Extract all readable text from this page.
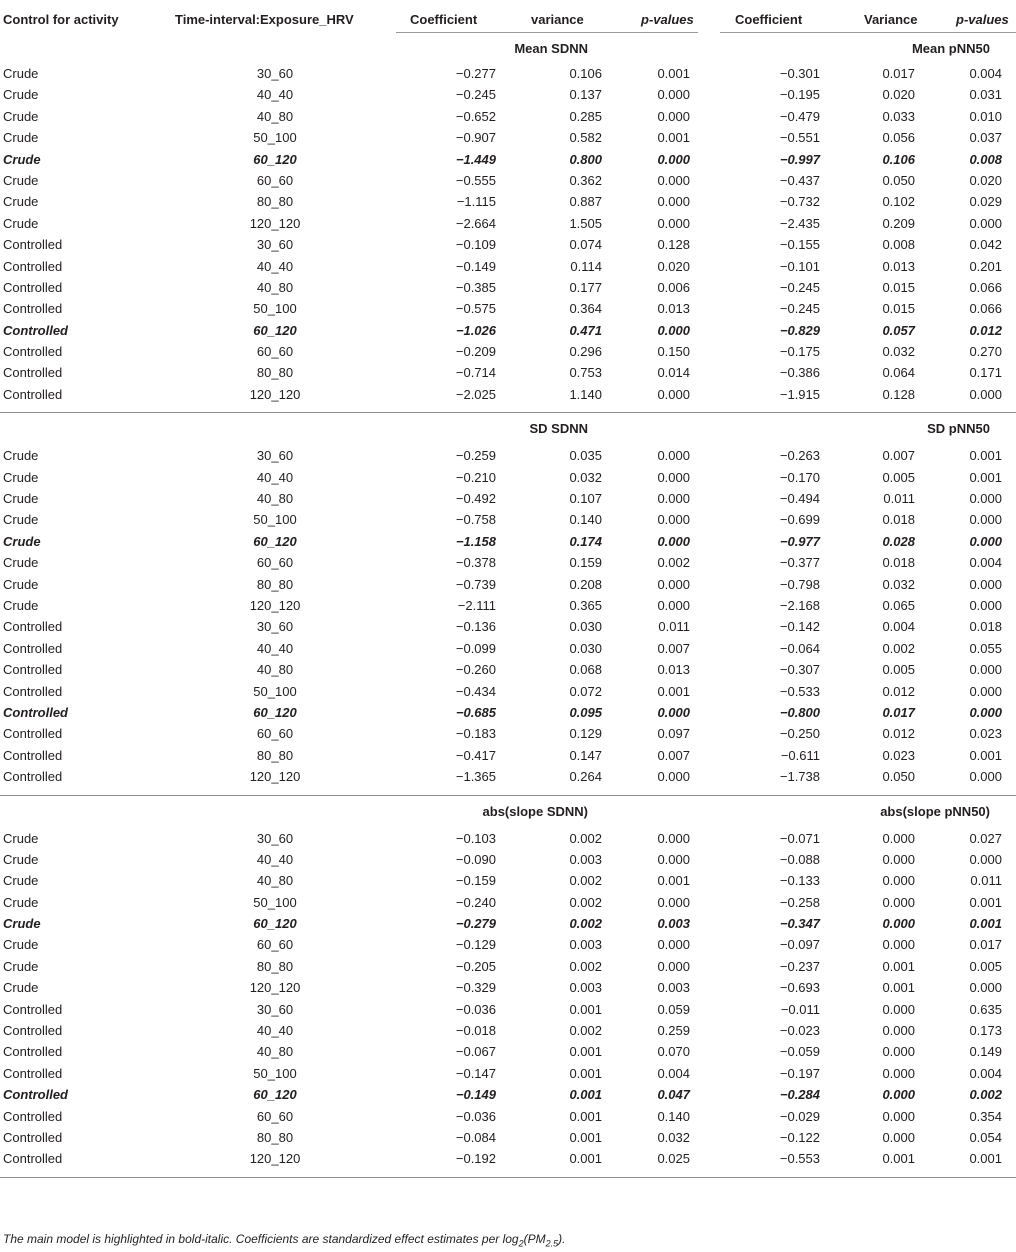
Control for activity	Time-interval:Exposure_HRV	Coefficient	variance	p-values	Coefficient	Variance	p-values
Mean SDNN	Mean pNN50
Crude	30_60	−0.277	0.106	0.001	−0.301	0.017	0.004
Crude	40_40	−0.245	0.137	0.000	−0.195	0.020	0.031
Crude	40_80	−0.652	0.285	0.000	−0.479	0.033	0.010
Crude	50_100	−0.907	0.582	0.001	−0.551	0.056	0.037
Crude	60_120	−1.449	0.800	0.000	−0.997	0.106	0.008
Crude	60_60	−0.555	0.362	0.000	−0.437	0.050	0.020
Crude	80_80	−1.115	0.887	0.000	−0.732	0.102	0.029
Crude	120_120	−2.664	1.505	0.000	−2.435	0.209	0.000
Controlled	30_60	−0.109	0.074	0.128	−0.155	0.008	0.042
Controlled	40_40	−0.149	0.114	0.020	−0.101	0.013	0.201
Controlled	40_80	−0.385	0.177	0.006	−0.245	0.015	0.066
Controlled	50_100	−0.575	0.364	0.013	−0.245	0.015	0.066
Controlled	60_120	−1.026	0.471	0.000	−0.829	0.057	0.012
Controlled	60_60	−0.209	0.296	0.150	−0.175	0.032	0.270
Controlled	80_80	−0.714	0.753	0.014	−0.386	0.064	0.171
Controlled	120_120	−2.025	1.140	0.000	−1.915	0.128	0.000
SD SDNN	SD pNN50
Crude	30_60	−0.259	0.035	0.000	−0.263	0.007	0.001
Crude	40_40	−0.210	0.032	0.000	−0.170	0.005	0.001
Crude	40_80	−0.492	0.107	0.000	−0.494	0.011	0.000
Crude	50_100	−0.758	0.140	0.000	−0.699	0.018	0.000
Crude	60_120	−1.158	0.174	0.000	−0.977	0.028	0.000
Crude	60_60	−0.378	0.159	0.002	−0.377	0.018	0.004
Crude	80_80	−0.739	0.208	0.000	−0.798	0.032	0.000
Crude	120_120	−2.111	0.365	0.000	−2.168	0.065	0.000
Controlled	30_60	−0.136	0.030	0.011	−0.142	0.004	0.018
Controlled	40_40	−0.099	0.030	0.007	−0.064	0.002	0.055
Controlled	40_80	−0.260	0.068	0.013	−0.307	0.005	0.000
Controlled	50_100	−0.434	0.072	0.001	−0.533	0.012	0.000
Controlled	60_120	−0.685	0.095	0.000	−0.800	0.017	0.000
Controlled	60_60	−0.183	0.129	0.097	−0.250	0.012	0.023
Controlled	80_80	−0.417	0.147	0.007	−0.611	0.023	0.001
Controlled	120_120	−1.365	0.264	0.000	−1.738	0.050	0.000
abs(slope SDNN)	abs(slope pNN50)
Crude	30_60	−0.103	0.002	0.000	−0.071	0.000	0.027
Crude	40_40	−0.090	0.003	0.000	−0.088	0.000	0.000
Crude	40_80	−0.159	0.002	0.001	−0.133	0.000	0.011
Crude	50_100	−0.240	0.002	0.000	−0.258	0.000	0.001
Crude	60_120	−0.279	0.002	0.003	−0.347	0.000	0.001
Crude	60_60	−0.129	0.003	0.000	−0.097	0.000	0.017
Crude	80_80	−0.205	0.002	0.000	−0.237	0.001	0.005
Crude	120_120	−0.329	0.003	0.003	−0.693	0.001	0.000
Controlled	30_60	−0.036	0.001	0.059	−0.011	0.000	0.635
Controlled	40_40	−0.018	0.002	0.259	−0.023	0.000	0.173
Controlled	40_80	−0.067	0.001	0.070	−0.059	0.000	0.149
Controlled	50_100	−0.147	0.001	0.004	−0.197	0.000	0.004
Controlled	60_120	−0.149	0.001	0.047	−0.284	0.000	0.002
Controlled	60_60	−0.036	0.001	0.140	−0.029	0.000	0.354
Controlled	80_80	−0.084	0.001	0.032	−0.122	0.000	0.054
Controlled	120_120	−0.192	0.001	0.025	−0.553	0.001	0.001
The main model is highlighted in bold-italic. Coefficients are standardized effect estimates per $\log_2(PM_{2.5})$.
